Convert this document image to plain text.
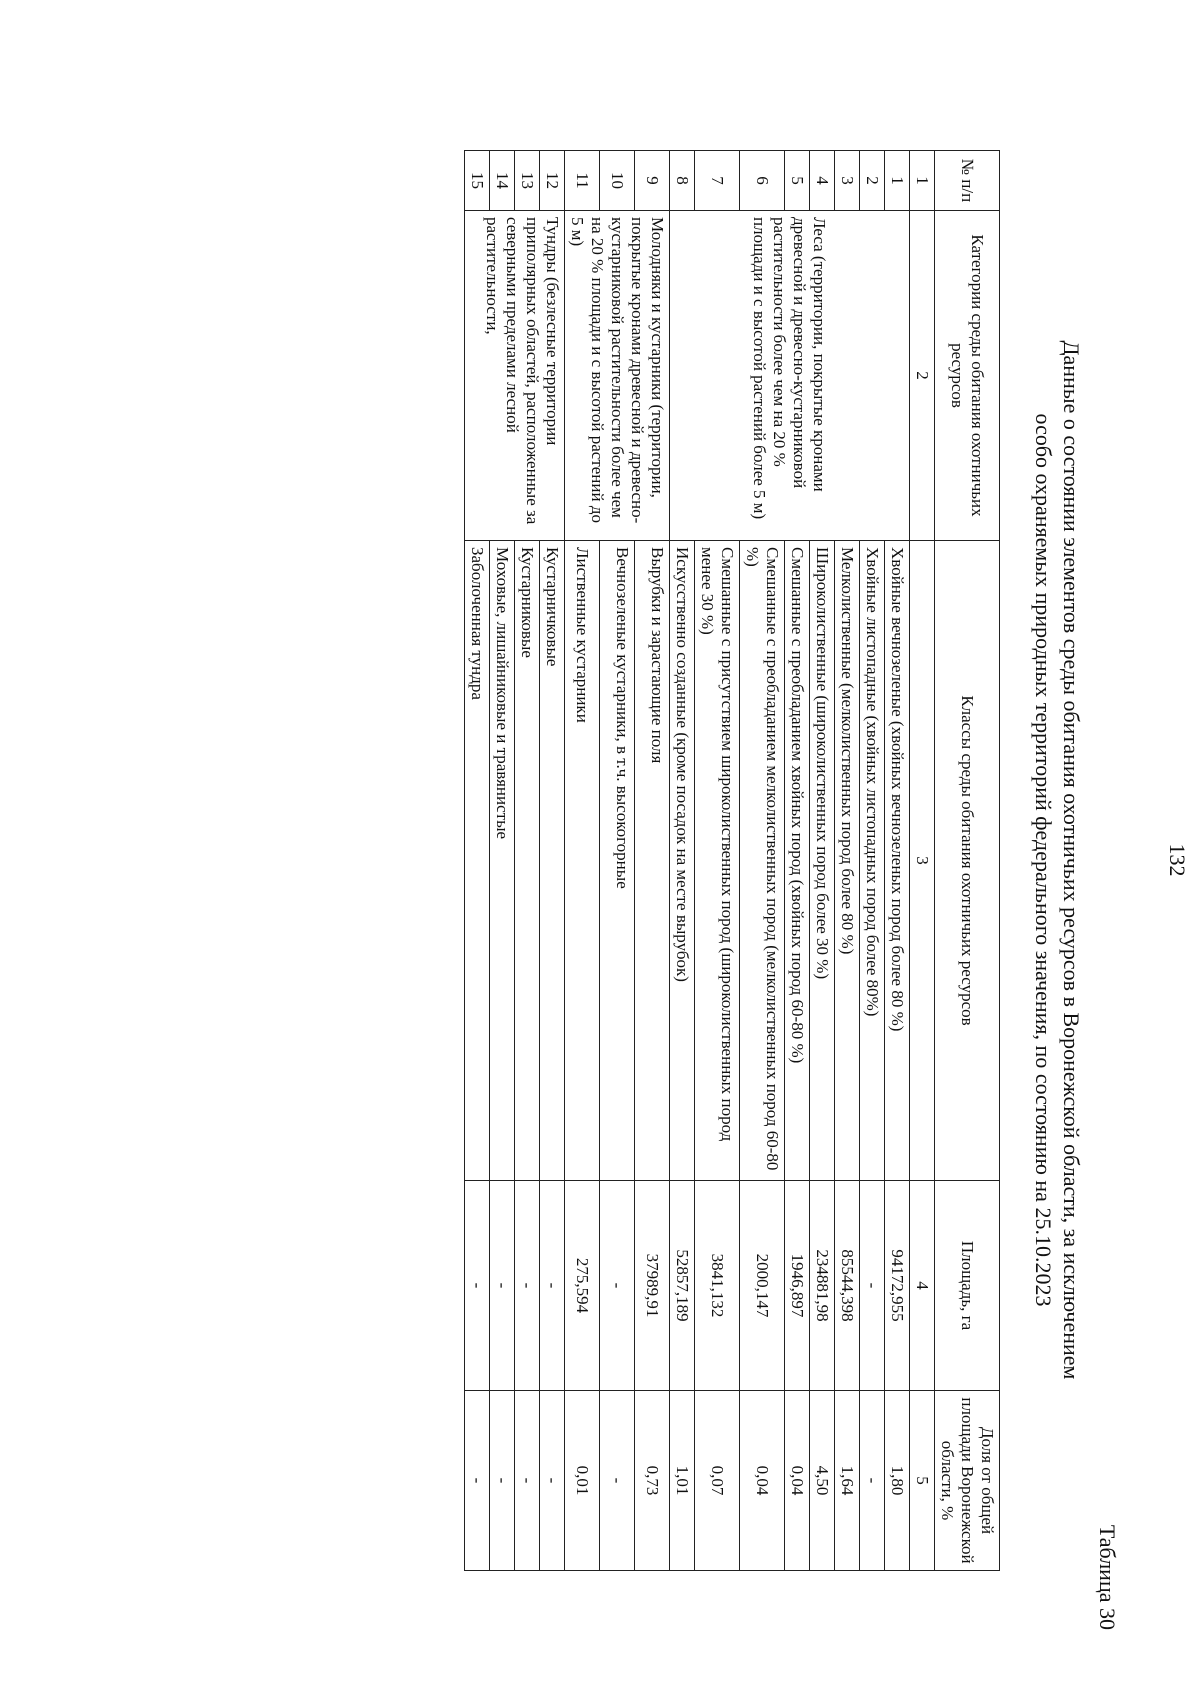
132
Таблица 30
Данные о состоянии элементов среды обитания охотничьих ресурсов в Воронежской области, за исключением
особо охраняемых природных территорий федерального значения, по состоянию на 25.10.2023
№ п/п	Категории среды обитания охотничьих ресурсов	Классы среды обитания охотничьих ресурсов	Площадь, га	Доля от общей площади Воронежской области, %
1	2	3	4	5
1	Леса (территории, покрытые кронами древесной и древесно-кустарниковой растительности более чем на 20 % площади и с высотой растений более 5 м)	Хвойные вечнозеленые (хвойных вечнозеленых пород более 80 %)	94172,955	1,80
2		Хвойные листопадные (хвойных листопадных пород более 80%)	-	-
3		Мелколиственные (мелколиственных пород более 80 %)	85544,398	1,64
4		Широколиственные (широколиственных пород более 30 %)	234881,98	4,50
5		Смешанные с преобладанием хвойных пород (хвойных пород 60-80 %)	1946,897	0,04
6		Смешанные с преобладанием мелколиственных пород (мелколиственных пород 60-80 %)	2000,147	0,04
7		Смешанные с присутствием широколиственных пород (широколиственных пород менее 30 %)	3841,132	0,07
8		Искусственно созданные (кроме посадок на месте вырубок)	52857,189	1,01
9	Молодняки и кустарники (территории, покрытые кронами древесной и древесно-кустарниковой растительности более чем на 20 % площади и с высотой растений до 5 м)	Вырубки и зарастающие поля	37989,91	0,73
10		Вечнозеленые кустарники, в т.ч. высокогорные	-	-
11		Лиственные кустарники	275,594	0,01
12	Тундры (безлесные территории приполярных областей, расположенные за северными пределами лесной растительности,	Кустарничковые	-	-
13		Кустарниковые	-	-
14		Моховые, лишайниковые и травянистые	-	-
15		Заболоченная тундра	-	-
